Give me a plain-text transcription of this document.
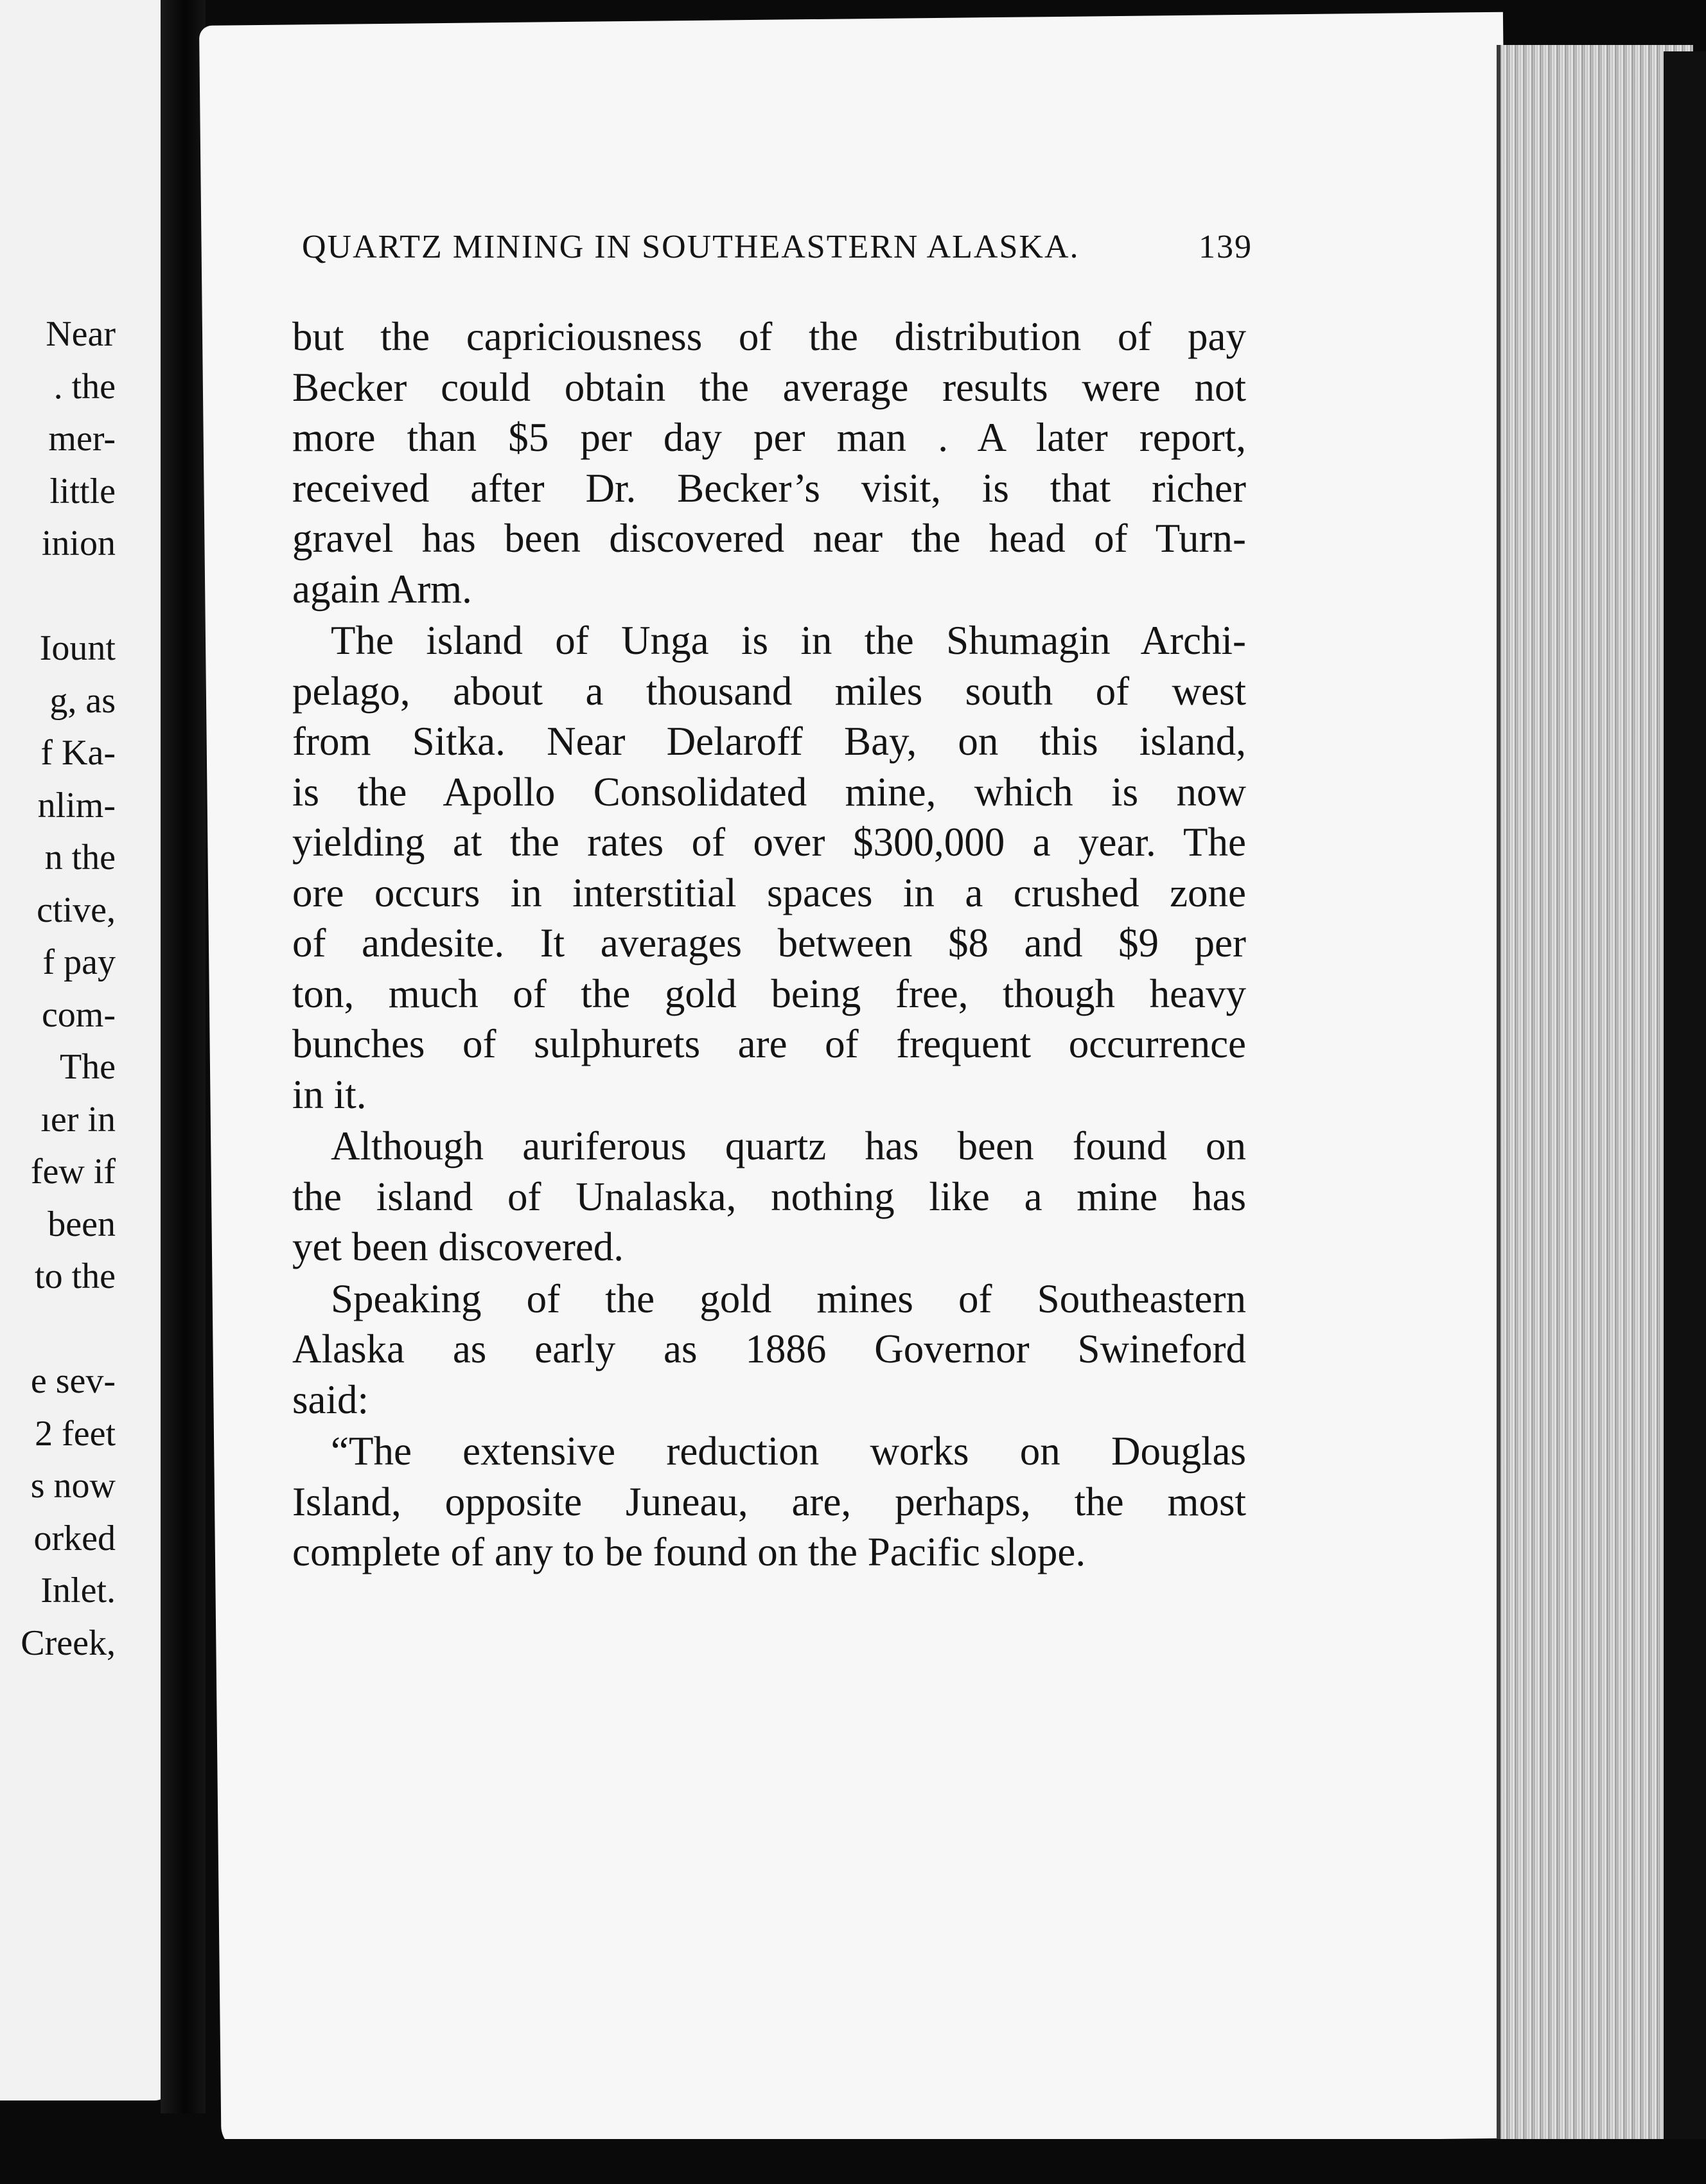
Near
. the
mer-
little
inion

Iount
g, as
f Ka-
nlim-
n the
ctive,
f pay
com-
The
ıer in
few if
been
to the

e sev-
2 feet
s now
orked
Inlet.
Creek,
QUARTZ MINING IN SOUTHEASTERN ALASKA.	139
but the capriciousness of the distribution of pay
Becker could obtain the average results were not
more than $5 per day per man . A later report,
received after Dr. Becker’s visit, is that richer
gravel has been discovered near the head of Turn-
again Arm.
The island of Unga is in the Shumagin Archi-
pelago, about a thousand miles south of west
from Sitka. Near Delaroff Bay, on this island,
is the Apollo Consolidated mine, which is now
yielding at the rates of over $300,000 a year. The
ore occurs in interstitial spaces in a crushed zone
of andesite. It averages between $8 and $9 per
ton, much of the gold being free, though heavy
bunches of sulphurets are of frequent occurrence
in it.
Although auriferous quartz has been found on
the island of Unalaska, nothing like a mine has
yet been discovered.
Speaking of the gold mines of Southeastern
Alaska as early as 1886 Governor Swineford
said:
“The extensive reduction works on Douglas
Island, opposite Juneau, are, perhaps, the most
complete of any to be found on the Pacific slope.
